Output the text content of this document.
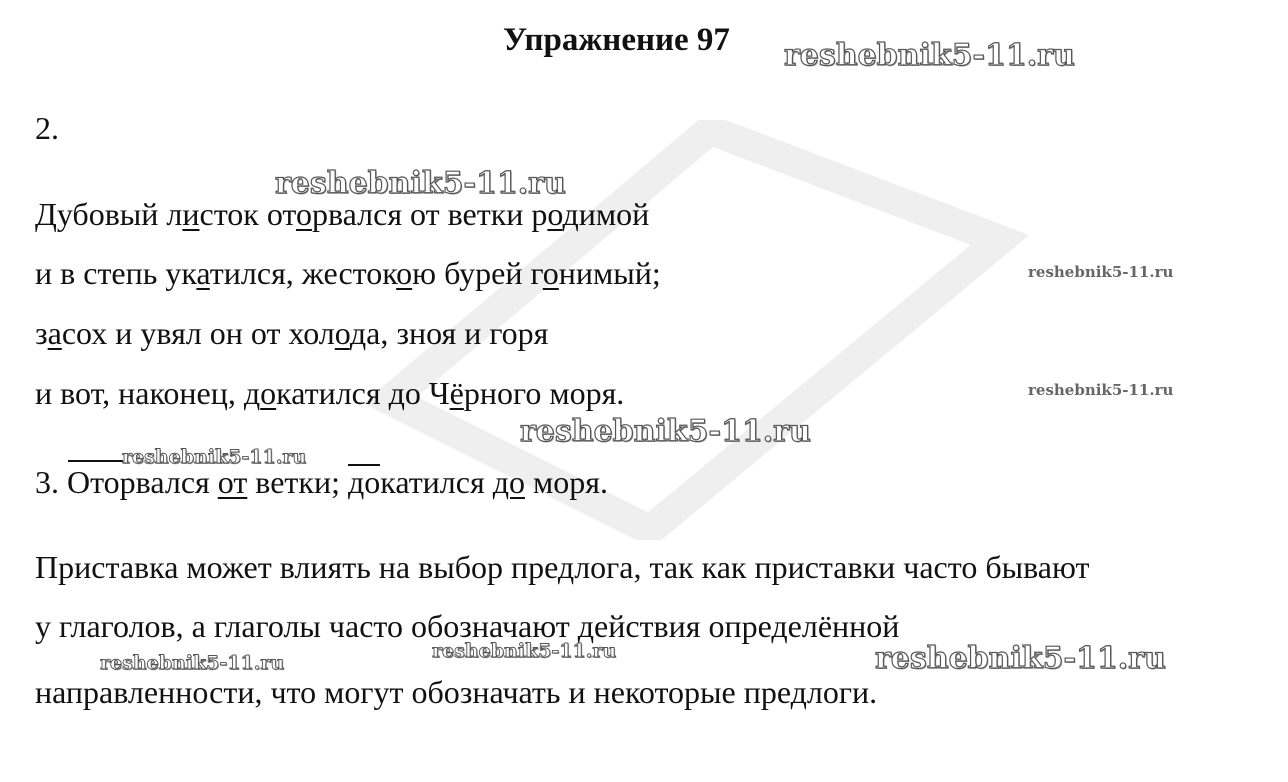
Упражнение 97
2.
Дубовый листок оторвался от ветки родимой
и в степь укатился, жестокою бурей гонимый;
засох и увял он от холода, зноя и горя
и вот, наконец, докатился до Чёрного моря.
3. Оторвался от ветки; докатился до моря.
Приставка может влиять на выбор предлога, так как приставки часто бывают
у глаголов, а глаголы часто обозначают действия определённой
направленности, что могут обозначать и некоторые предлоги.
reshebnik5-11.ru
reshebnik5-11.ru
reshebnik5-11.ru
reshebnik5-11.ru
reshebnik5-11.ru
reshebnik5-11.ru
reshebnik5-11.ru
reshebnik5-11.ru	reshebnik5-11.ru
